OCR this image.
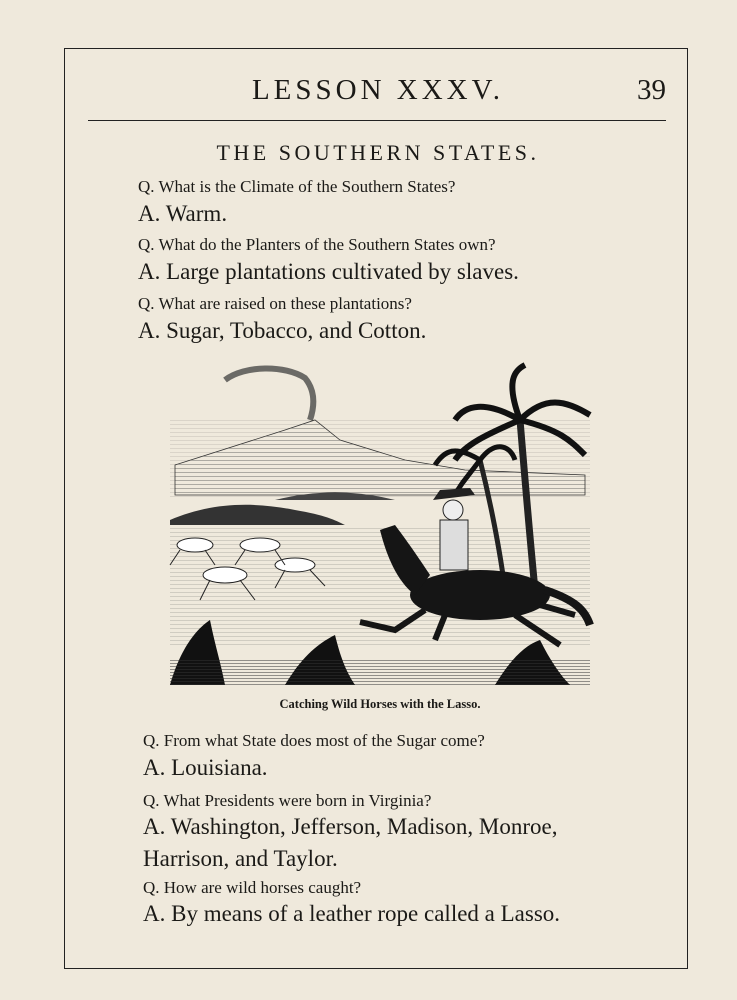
LESSON XXXV.	39
THE SOUTHERN STATES.
Q. What is the Climate of the Southern States?
A. Warm.
Q. What do the Planters of the Southern States own?
A. Large plantations cultivated by slaves.
Q. What are raised on these plantations?
A. Sugar, Tobacco, and Cotton.
Catching Wild Horses with the Lasso.
Q. From what State does most of the Sugar come?
A. Louisiana.
Q. What Presidents were born in Virginia?
A. Washington, Jefferson, Madison, Monroe, Harrison, and Taylor.
Q. How are wild horses caught?
A. By means of a leather rope called a Lasso.
